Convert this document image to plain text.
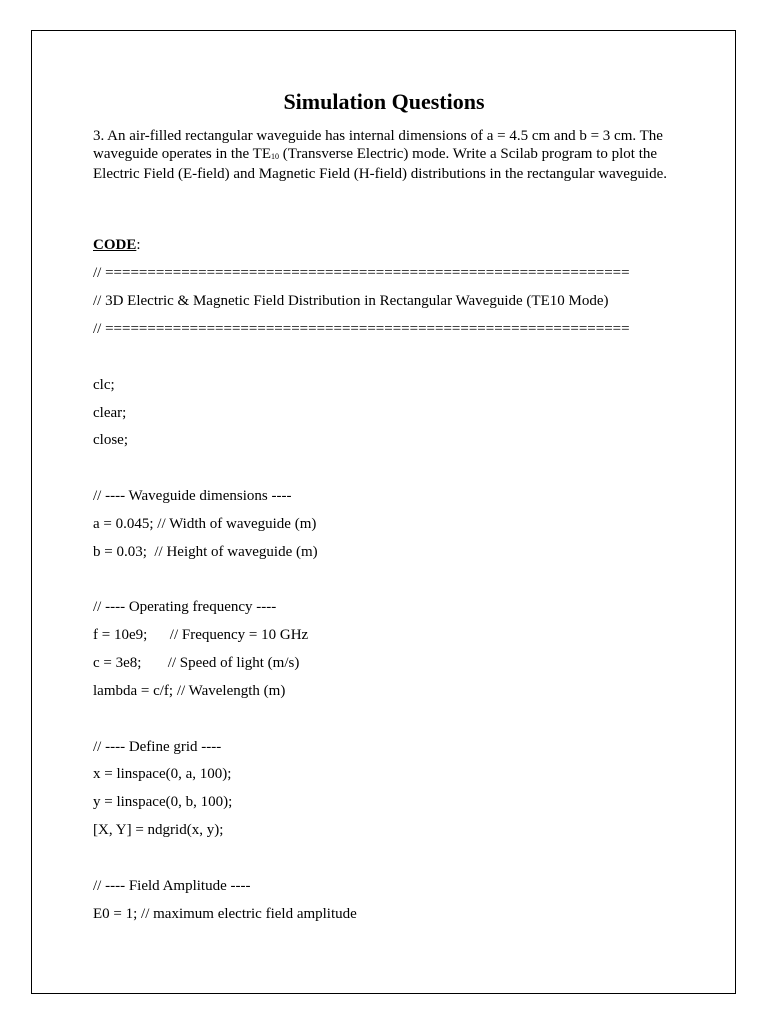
Simulation Questions

3. An air-filled rectangular waveguide has internal dimensions of a = 4.5 cm and b = 3 cm. The waveguide operates in the $TE_{10}$ (Transverse Electric) mode. Write a Scilab program to plot the Electric Field (E-field) and Magnetic Field (H-field) distributions in the rectangular waveguide.

CODE:

// ==============================================================
// 3D Electric & Magnetic Field Distribution in Rectangular Waveguide (TE10 Mode)
// ==============================================================
clc;
clear;
close;
// ---- Waveguide dimensions ----
a = 0.045; // Width of waveguide (m)
b = 0.03;  // Height of waveguide (m)
// ---- Operating frequency ----
f = 10e9;      // Frequency = 10 GHz
c = 3e8;       // Speed of light (m/s)
lambda = c/f; // Wavelength (m)
// ---- Define grid ----
x = linspace(0, a, 100);
y = linspace(0, b, 100);
[X, Y] = ndgrid(x, y);
// ---- Field Amplitude ----
E0 = 1; // maximum electric field amplitude
